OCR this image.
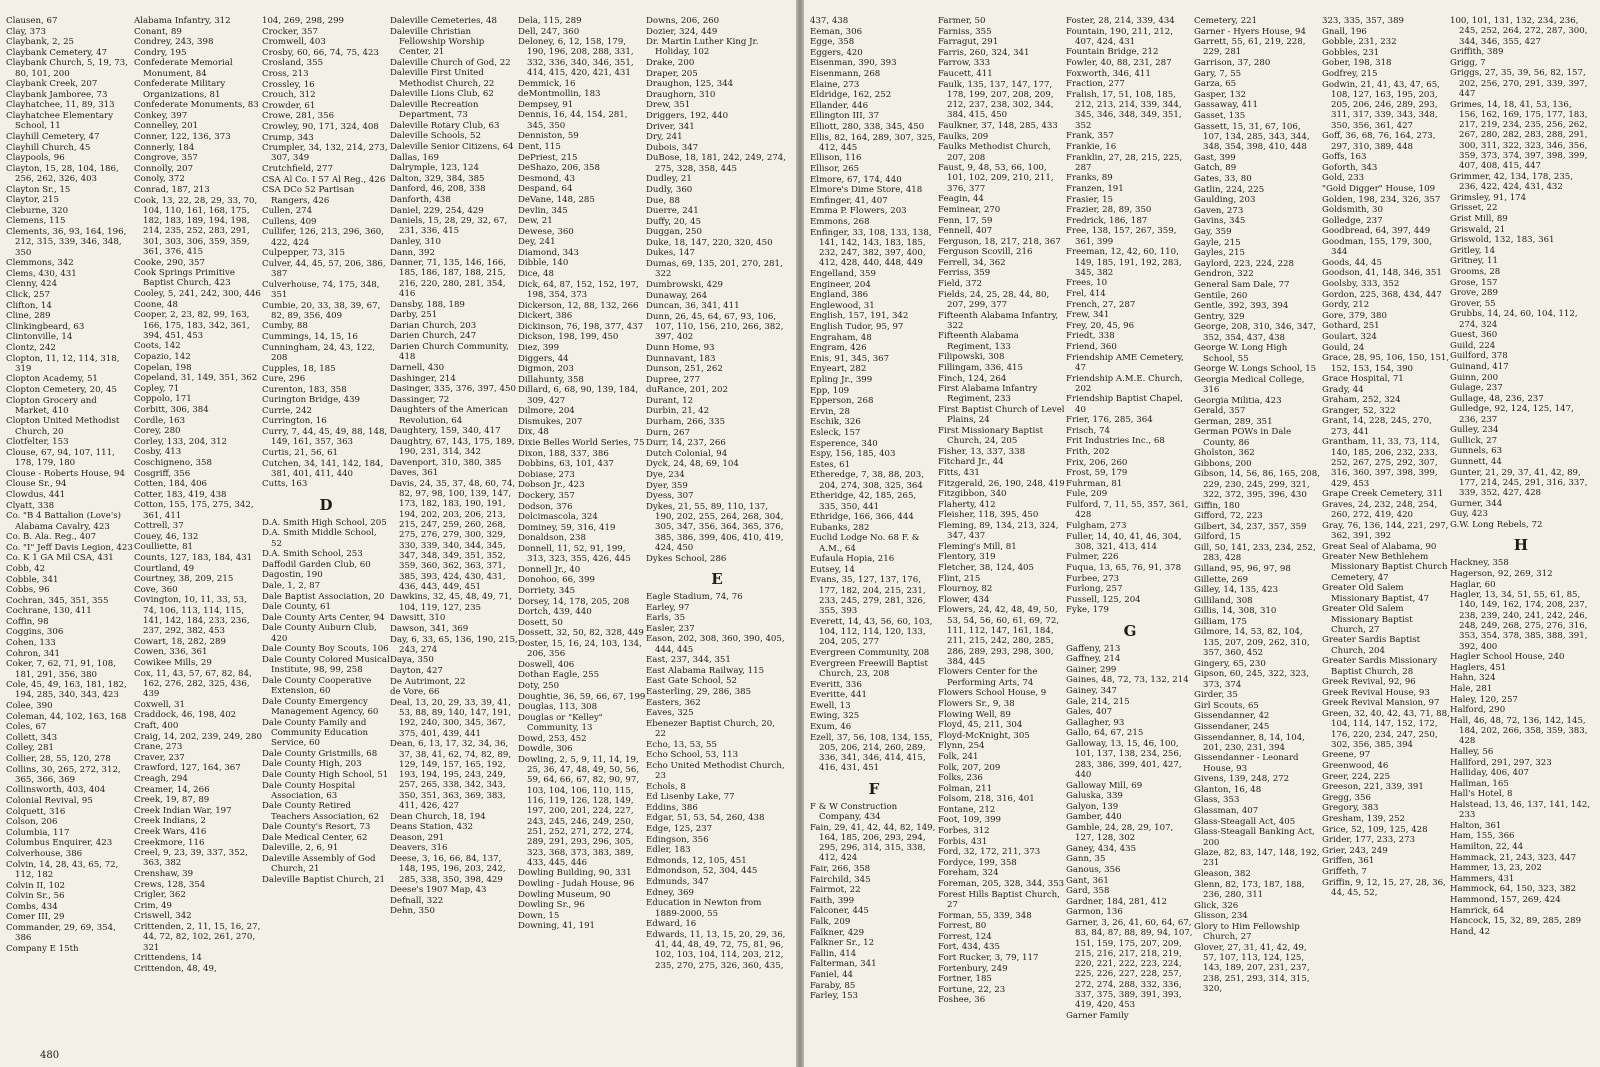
Clausen, 67
Clay, 373
Claybank, 2, 25
Claybank Cemetery, 47
Claybank Church, 5, 19, 73, 80, 101, 200
Claybank Creek, 207
Claybank Jamboree, 73
Clayhatchee, 11, 89, 313
Clayhatchee Elementary School, 11
Clayhill Cemetery, 47
Clayhill Church, 45
Claypools, 96
Clayton, 15, 28, 104, 186, 256, 262, 326, 403
Clayton Sr., 15
Claytor, 215
Cleburne, 320
Clemens, 115
Clements, 36, 93, 164, 196, 212, 315, 339, 346, 348, 350
Clemmons, 342
Clems, 430, 431
Clenny, 424
Click, 257
Clifton, 14
Cline, 289
Clinkingbeard, 63
Clintonville, 14
Clontz, 242
Clopton, 11, 12, 114, 318, 319
Clopton Academy, 51
Clopton Cemetery, 20, 45
Clopton Grocery and Market, 410
Clopton United Methodist Church, 20
Clotfelter, 153
Clouse, 67, 94, 107, 111, 178, 179, 180
Clouse - Roberts House, 94
Clouse Sr., 94
Clowdus, 441
Clyatt, 338
Co. "B 4 Battalion (Love's) Alabama Cavalry, 423
Co. B. Ala. Reg., 407
Co. "I" Jeff Davis Legion, 423
Co. K 1 GA Mil CSA, 431
Cobb, 42
Cobble, 341
Cobbs, 96
Cochran, 345, 351, 355
Cochrane, 130, 411
Coffin, 98
Coggins, 306
Cohen, 133
Cohron, 341
Coker, 7, 62, 71, 91, 108, 181, 291, 356, 380
Cole, 45, 49, 163, 181, 182, 194, 285, 340, 343, 423
Colee, 390
Coleman, 44, 102, 163, 168
Coles, 67
Collett, 343
Colley, 281
Collier, 28, 55, 120, 278
Collins, 30, 265, 272, 312, 365, 366, 369
Collinsworth, 403, 404
Colonial Revival, 95
Colquett, 316
Colson, 206
Columbia, 117
Columbus Enquirer, 423
Colverhouse, 386
Colvin, 14, 28, 43, 65, 72, 112, 182
Colvin II, 102
Colvin Sr., 56
Combs, 434
Comer III, 29
Commander, 29, 69, 354, 386
Company E 15th
Alabama Infantry, 312
Conant, 89
Condrey, 243, 398
Condry, 195
Confederate Memorial Monument, 84
Confederate Military Organizations, 81
Confederate Monuments, 83
Conkey, 397
Connelley, 201
Conner, 122, 136, 373
Connerly, 184
Congrove, 357
Connolly, 207
Conoly, 372
Conrad, 187, 213
Cook, 13, 22, 28, 29, 33, 70, 104, 110, 161, 168, 175, 182, 183, 189, 194, 198, 214, 235, 252, 283, 291, 301, 303, 306, 359, 359, 361, 376, 415
Cooke, 290, 357
Cook Springs Primitive Baptist Church, 423
Cooley, 5, 241, 242, 300, 446
Coone, 48
Cooper, 2, 23, 82, 99, 163, 166, 175, 183, 342, 361, 394, 451, 453
Coots, 142
Copazio, 142
Copelan, 198
Copeland, 31, 149, 351, 362
Copley, 71
Coppolo, 171
Corbitt, 306, 384
Cordle, 163
Corey, 280
Corley, 133, 204, 312
Cosby, 413
Coschigneno, 358
Cosgriff, 356
Cotten, 184, 406
Cotter, 183, 419, 438
Cotton, 155, 175, 275, 342, 361, 411
Cottrell, 37
Couey, 46, 132
Coulliette, 81
Counts, 127, 183, 184, 431
Courtland, 49
Courtney, 38, 209, 215
Cove, 360
Covington, 10, 11, 33, 53, 74, 106, 113, 114, 115, 141, 142, 184, 233, 236, 237, 292, 382, 453
Cowart, 18, 282, 289
Cowen, 336, 361
Cowikee Mills, 29
Cox, 11, 43, 57, 67, 82, 84, 162, 276, 282, 325, 436, 439
Coxwell, 31
Craddock, 46, 198, 402
Craft, 400
Craig, 14, 202, 239, 249, 280
Crane, 273
Craver, 237
Crawford, 127, 164, 367
Creagh, 294
Creamer, 14, 266
Creek, 19, 87, 89
Creek Indian War, 197
Creek Indians, 2
Creek Wars, 416
Creekmore, 116
Creel, 9, 23, 39, 337, 352, 363, 382
Crenshaw, 39
Crews, 128, 354
Crigler, 362
Crim, 49
Criswell, 342
Crittenden, 2, 11, 15, 16, 27, 44, 72, 82, 102, 261, 270, 321
Crittendens, 14
Crittendon, 48, 49,
104, 269, 298, 299
Crocker, 357
Cromwell, 403
Crosby, 60, 66, 74, 75, 423
Crosland, 355
Cross, 213
Crossley, 16
Crouch, 312
Crowder, 61
Crowe, 281, 356
Crowley, 90, 171, 324, 408
Crump, 343
Crumpler, 34, 132, 214, 273, 307, 349
Crutchfield, 277
CSA Al Co. I 57 Al Reg., 426
CSA DCo 52 Partisan Rangers, 426
Cullen, 274
Cullens, 409
Cullifer, 126, 213, 296, 360, 422, 424
Culpepper, 73, 315
Culver, 44, 45, 57, 206, 386, 387
Culverhouse, 74, 175, 348, 351
Cumbie, 20, 33, 38, 39, 67, 82, 89, 356, 409
Cumby, 88
Cummings, 14, 15, 16
Cunningham, 24, 43, 122, 208
Cupples, 18, 185
Cure, 296
Curenton, 183, 358
Curington Bridge, 439
Currie, 242
Currington, 16
Curry, 7, 44, 45, 49, 88, 148, 149, 161, 357, 363
Curtis, 21, 56, 61
Cutchen, 34, 141, 142, 184, 381, 401, 411, 440
Cutts, 163
D
D.A. Smith High School, 205
D.A. Smith Middle School, 52
D.A. Smith School, 253
Daffodil Garden Club, 60
Dagostin, 190
Dale, 1, 2, 87
Dale Baptist Association, 20
Dale County, 61
Dale County Arts Center, 94
Dale County Auburn Club, 420
Dale County Boy Scouts, 106
Dale County Colored Musical Institute, 98, 99, 258
Dale County Cooperative Extension, 60
Dale County Emergency Management Agency, 60
Dale County Family and Community Education Service, 60
Dale County Gristmills, 68
Dale County High, 203
Dale County High School, 51
Dale County Hospital Association, 63
Dale County Retired Teachers Association, 62
Dale County's Resort, 73
Dale Medical Center, 62
Daleville, 2, 6, 91
Daleville Assembly of God Church, 21
Daleville Baptist Church, 21
Daleville Cemeteries, 48
Daleville Christian Fellowship Worship Center, 21
Daleville Church of God, 22
Daleville First United Methodist Church, 22
Daleville Lions Club, 62
Daleville Recreation Department, 73
Daleville Rotary Club, 63
Daleville Schools, 52
Daleville Senior Citizens, 64
Dallas, 169
Dalrymple, 123, 124
Dalton, 329, 384, 385
Danford, 46, 208, 338
Danforth, 438
Daniel, 229, 254, 429
Daniels, 15, 28, 29, 32, 67, 231, 336, 415
Danley, 310
Dann, 392
Danner, 71, 135, 146, 166, 185, 186, 187, 188, 215, 216, 220, 280, 281, 354, 416
Dansby, 188, 189
Darby, 251
Darian Church, 203
Darien Church, 247
Darien Church Community, 418
Darnell, 430
Dashinger, 214
Dasinger, 335, 376, 397, 450
Dassinger, 72
Daughters of the American Revolution, 64
Daughtery, 159, 340, 417
Daughtry, 67, 143, 175, 189, 190, 231, 314, 342
Davenport, 310, 380, 385
Daves, 361
Davis, 24, 35, 37, 48, 60, 74, 82, 97, 98, 100, 139, 147, 173, 182, 183, 190, 191, 194, 202, 203, 206, 213, 215, 247, 259, 260, 268, 275, 276, 279, 300, 329, 330, 339, 340, 344, 345, 347, 348, 349, 351, 352, 359, 360, 362, 363, 371, 385, 393, 424, 430, 431, 436, 443, 449, 451
Dawkins, 32, 45, 48, 49, 71, 104, 119, 127, 235
Dawsitt, 310
Dawson, 341, 369
Day, 6, 33, 65, 136, 190, 215, 243, 274
Daya, 350
Dayton, 427
De Autrimont, 22
de Vore, 66
Deal, 13, 20, 29, 33, 39, 41, 53, 88, 89, 140, 147, 191, 192, 240, 300, 345, 367, 375, 401, 439, 441
Dean, 6, 13, 17, 32, 34, 36, 37, 38, 41, 62, 74, 82, 89, 129, 149, 157, 165, 192, 193, 194, 195, 243, 249, 257, 265, 338, 342, 343, 350, 351, 363, 369, 383, 411, 426, 427
Dean Church, 18, 194
Deans Station, 432
Deason, 291
Deavers, 316
Deese, 3, 16, 66, 84, 137, 148, 195, 196, 203, 242, 285, 338, 350, 398, 429
Deese's 1907 Map, 43
Defnall, 322
Dehn, 350
Dela, 115, 289
Dell, 247, 360
Deloney, 6, 12, 158, 179, 190, 196, 208, 288, 331, 332, 336, 340, 346, 351, 414, 415, 420, 421, 431
Demmick, 16
deMontmollin, 183
Dempsey, 91
Dennis, 16, 44, 154, 281, 345, 350
Denniston, 59
Dent, 115
DePriest, 215
DeShazo, 206, 358
Desmond, 43
Despand, 64
DeVane, 148, 285
Devlin, 345
Dew, 21
Dewese, 360
Dey, 241
Diamond, 343
Dibble, 140
Dice, 48
Dick, 64, 87, 152, 152, 197, 198, 354, 373
Dickerson, 12, 88, 132, 266
Dickert, 386
Dickinson, 76, 198, 377, 437
Dickson, 198, 199, 450
Diez, 399
Diggers, 44
Digmon, 203
Dillahunty, 358
Dillard, 6, 68, 90, 139, 184, 309, 427
Dilmore, 204
Dismukes, 207
Dix, 48
Dixie Belles World Series, 75
Dixon, 188, 337, 386
Dobbins, 63, 101, 437
Dobiase, 273
Dobson Jr., 423
Dockery, 357
Dodson, 376
Dolcimascola, 324
Dominey, 59, 316, 419
Donaldson, 238
Donnell, 11, 52, 91, 199, 313, 323, 355, 426, 445
Donnell Jr., 40
Donohoo, 66, 399
Dorriety, 345
Dorsey, 14, 178, 205, 208
Dortch, 439, 440
Dosett, 50
Dossett, 32, 50, 82, 328, 449
Doster, 15, 16, 24, 103, 134, 206, 356
Doswell, 406
Dothan Eagle, 255
Doty, 250
Doughtie, 36, 59, 66, 67, 199
Douglas, 113, 308
Douglas or "Kelley" Community, 13
Dowd, 253, 452
Dowdle, 306
Dowling, 2, 5, 9, 11, 14, 19, 25, 36, 47, 48, 49, 50, 56, 59, 64, 66, 67, 82, 90, 97, 103, 104, 106, 110, 115, 116, 119, 126, 128, 149, 197, 200, 201, 224, 227, 243, 245, 246, 249, 250, 251, 252, 271, 272, 274, 289, 291, 293, 296, 305, 323, 368, 373, 383, 389, 433, 445, 446
Dowling Building, 90, 331
Dowling - Judah House, 96
Dowling Museum, 90
Dowling Sr., 96
Down, 15
Downing, 41, 191
Downs, 206, 260
Dozier, 324, 449
Dr. Martin Luther King Jr. Holiday, 102
Drake, 200
Draper, 205
Draughon, 125, 344
Draughorn, 310
Drew, 351
Driggers, 192, 440
Driver, 341
Dry, 241
Dubois, 347
DuBose, 18, 181, 242, 249, 274, 275, 328, 358, 445
Dudley, 21
Dudly, 360
Due, 88
Duerre, 241
Duffy, 20, 45
Duggan, 250
Duke, 18, 147, 220, 320, 450
Dukes, 147
Dumas, 69, 135, 201, 270, 281, 322
Dumbrowski, 429
Dunaway, 264
Duncan, 36, 341, 411
Dunn, 26, 45, 64, 67, 93, 106, 107, 110, 156, 210, 266, 382, 397, 402
Dunn Home, 93
Dunnavant, 183
Dunson, 251, 262
Dupree, 277
duRance, 201, 202
Durant, 12
Durbin, 21, 42
Durham, 266, 335
Durn, 267
Durr, 14, 237, 266
Dutch Colonial, 94
Dyck, 24, 48, 69, 104
Dye, 234
Dyer, 359
Dyess, 307
Dykes, 21, 55, 89, 110, 137, 190, 202, 255, 264, 268, 304, 305, 347, 356, 364, 365, 376, 385, 386, 399, 406, 410, 419, 424, 450
Dykes School, 286
E
Eagle Stadium, 74, 76
Earley, 97
Earls, 35
Easler, 237
Eason, 202, 308, 360, 390, 405, 444, 445
East, 237, 344, 351
East Alabama Railway, 115
East Gate School, 52
Easterling, 29, 286, 385
Easters, 362
Eaves, 325
Ebenezer Baptist Church, 20, 22
Echo, 13, 53, 55
Echo School, 53, 113
Echo United Methodist Church, 23
Echols, 8
Ed Lisenby Lake, 77
Eddins, 386
Edgar, 51, 53, 54, 260, 438
Edge, 125, 237
Edingson, 356
Edler, 183
Edmonds, 12, 105, 451
Edmondson, 52, 304, 445
Edmunds, 347
Edney, 369
Education in Newton from 1889-2000, 55
Edward, 16
Edwards, 11, 13, 15, 20, 29, 36, 41, 44, 48, 49, 72, 75, 81, 96, 102, 103, 104, 114, 203, 212, 235, 270, 275, 326, 360, 435,
480
437, 438
Eeman, 306
Egge, 358
Eggers, 420
Eisenman, 390, 393
Eisenmann, 268
Elaine, 273
Eldridge, 162, 252
Ellander, 446
Ellington III, 37
Elliott, 280, 338, 345, 450
Ellis, 82, 164, 289, 307, 325, 412, 445
Ellison, 116
Ellisor, 265
Elmore, 67, 174, 440
Elmore's Dime Store, 418
Emfinger, 41, 407
Emma P. Flowers, 203
Emmons, 268
Enfinger, 33, 108, 133, 138, 141, 142, 143, 183, 185, 232, 247, 382, 397, 400, 412, 428, 440, 448, 449
Engelland, 359
Engineer, 204
England, 386
Englewood, 31
English, 157, 191, 342
English Tudor, 95, 97
Engraham, 48
Engram, 426
Enis, 91, 345, 367
Enyeart, 282
Epling Jr., 399
Epp, 109
Epperson, 268
Ervin, 28
Eschik, 326
Esleck, 157
Esperence, 340
Espy, 156, 185, 403
Estes, 61
Etheredge, 7, 38, 88, 203, 204, 274, 308, 325, 364
Etheridge, 42, 185, 265, 335, 350, 441
Ethridge, 166, 366, 444
Eubanks, 282
Euclid Lodge No. 68 F. & A.M., 64
Eufaula Hopia, 216
Eutsey, 14
Evans, 35, 127, 137, 176, 177, 182, 204, 215, 231, 233, 245, 279, 281, 326, 355, 393
Everett, 14, 43, 56, 60, 103, 104, 112, 114, 120, 133, 204, 205, 277
Evergreen Community, 208
Evergreen Freewill Baptist Church, 23, 208
Everitt, 336
Everitte, 441
Ewell, 13
Ewing, 325
Exum, 46
Ezell, 37, 56, 108, 134, 155, 205, 206, 214, 260, 289, 336, 341, 346, 414, 415, 416, 431, 451
F
F & W Construction Company, 434
Fain, 29, 41, 42, 44, 82, 149, 164, 185, 206, 293, 294, 295, 296, 314, 315, 338, 412, 424
Fair, 266, 358
Fairchild, 345
Fairmot, 22
Faith, 399
Falconer, 445
Falk, 209
Falkner, 429
Falkner Sr., 12
Fallin, 414
Falterman, 341
Faniel, 44
Faraby, 85
Farley, 153
Farmer, 50
Farniss, 355
Farragut, 291
Farris, 260, 324, 341
Farrow, 333
Faucett, 411
Faulk, 135, 137, 147, 177, 178, 199, 207, 208, 209, 212, 237, 238, 302, 344, 384, 415, 450
Faulkner, 37, 148, 285, 433
Faulks, 209
Faulks Methodist Church, 207, 208
Faust, 9, 48, 53, 66, 100, 101, 102, 209, 210, 211, 376, 377
Feagin, 44
Feminear, 270
Fenn, 17, 59
Fennell, 407
Ferguson, 18, 217, 218, 367
Ferguson Scovill, 216
Ferrell, 34, 362
Ferriss, 359
Field, 372
Fields, 24, 25, 28, 44, 80, 207, 299, 377
Fifteenth Alabama Infantry, 322
Fifteenth Alabama Regiment, 133
Filipowski, 308
Fillingam, 336, 415
Finch, 124, 264
First Alabama Infantry Regiment, 233
First Baptist Church of Level Plains, 24
First Missionary Baptist Church, 24, 205
Fisher, 13, 337, 338
Fitchard Jr., 44
Fitts, 431
Fitzgerald, 26, 190, 248, 419
Fitzgibbon, 340
Flaherty, 412
Fleisher, 118, 395, 450
Fleming, 89, 134, 213, 324, 347, 437
Fleming's Mill, 81
Flentory, 319
Fletcher, 38, 124, 405
Flint, 215
Flournoy, 82
Flower, 434
Flowers, 24, 42, 48, 49, 50, 53, 54, 56, 60, 61, 69, 72, 111, 112, 147, 161, 184, 211, 215, 242, 280, 285, 286, 289, 293, 298, 300, 384, 445
Flowers Center for the Performing Arts, 74
Flowers School House, 9
Flowers Sr., 9, 38
Flowing Well, 89
Floyd, 45, 211, 304
Floyd-McKnight, 305
Flynn, 254
Folk, 241
Folk, 207, 209
Folks, 236
Folman, 211
Folsom, 218, 316, 401
Fontane, 212
Foot, 109, 399
Forbes, 312
Forbis, 431
Ford, 32, 172, 211, 373
Fordyce, 199, 358
Foreham, 324
Foreman, 205, 328, 344, 353
Forest Hills Baptist Church, 27
Forman, 55, 339, 348
Forrest, 80
Forrest, 124
Fort, 434, 435
Fort Rucker, 3, 79, 117
Fortenbury, 249
Fortner, 185
Fortune, 22, 23
Foshee, 36
Foster, 28, 214, 339, 434
Fountain, 190, 211, 212, 407, 424, 431
Fountain Bridge, 212
Fowler, 40, 88, 231, 287
Foxworth, 346, 411
Fraction, 277
Fralish, 17, 51, 108, 185, 212, 213, 214, 339, 344, 345, 346, 348, 349, 351, 352
Frank, 357
Frankie, 16
Franklin, 27, 28, 215, 225, 287
Franks, 89
Franzen, 191
Frasier, 15
Frazier, 28, 89, 350
Fredrick, 186, 187
Free, 138, 157, 267, 359, 361, 399
Freeman, 12, 42, 60, 110, 149, 185, 191, 192, 283, 345, 382
Frees, 10
Frel, 414
French, 27, 287
Frew, 341
Frey, 20, 45, 96
Friedt, 338
Friend, 360
Friendship AME Cemetery, 47
Friendship A.M.E. Church, 202
Friendship Baptist Chapel, 40
Frier, 176, 285, 364
Frisch, 74
Frit Industries Inc., 68
Frith, 202
Frix, 206, 260
Frost, 59, 179
Fuhrman, 81
Fule, 209
Fulford, 7, 11, 55, 357, 361, 428
Fulgham, 273
Fuller, 14, 40, 41, 46, 304, 308, 321, 413, 414
Fulmer, 226
Fuqua, 13, 65, 76, 91, 378
Furbee, 273
Furlong, 257
Fussell, 125, 204
Fyke, 179
G
Gaffeny, 213
Gaffney, 214
Gainer, 299
Gaines, 48, 72, 73, 132, 214
Gainey, 347
Gale, 214, 215
Gales, 407
Gallagher, 93
Gallo, 64, 67, 215
Galloway, 13, 15, 46, 100, 101, 137, 138, 234, 256, 283, 386, 399, 401, 427, 440
Galloway Mill, 69
Galuska, 339
Galyon, 139
Gamber, 440
Gamble, 24, 28, 29, 107, 127, 128, 302
Ganey, 434, 435
Gann, 35
Ganous, 356
Gant, 361
Gard, 358
Gardner, 184, 281, 412
Garmon, 136
Garner, 3, 26, 41, 60, 64, 67, 83, 84, 87, 88, 89, 94, 107, 151, 159, 175, 207, 209, 215, 216, 217, 218, 219, 220, 221, 222, 223, 224, 225, 226, 227, 228, 257, 272, 274, 288, 332, 336, 337, 375, 389, 391, 393, 419, 420, 453
Garner Family
Cemetery, 221
Garner - Hyers House, 94
Garrett, 55, 61, 219, 228, 229, 281
Garrison, 37, 280
Gary, 7, 55
Garza, 65
Gasper, 132
Gassaway, 411
Gasset, 135
Gassett, 15, 31, 67, 106, 107, 134, 285, 343, 344, 348, 354, 398, 410, 448
Gast, 399
Gatch, 89
Gates, 33, 80
Gatlin, 224, 225
Gaulding, 203
Gaven, 273
Gavins, 345
Gay, 359
Gayle, 215
Gayles, 215
Gaylord, 223, 224, 228
Gendron, 322
General Sam Dale, 77
Gentile, 260
Gentle, 392, 393, 394
Gentry, 329
George, 208, 310, 346, 347, 352, 354, 437, 438
George W. Long High School, 55
George W. Longs School, 15
Georgia Medical College, 316
Georgia Militia, 423
Gerald, 357
German, 289, 351
German POWs in Dale County, 86
Gholston, 362
Gibbons, 200
Gibson, 14, 56, 86, 165, 208, 229, 230, 245, 299, 321, 322, 372, 395, 396, 430
Giffin, 180
Gifford, 72, 223
Gilbert, 34, 237, 357, 359
Gilford, 15
Gill, 50, 141, 233, 234, 252, 283, 428
Gilland, 95, 96, 97, 98
Gillette, 269
Gilley, 14, 135, 423
Gilliland, 308
Gillis, 14, 308, 310
Gilliam, 175
Gilmore, 14, 53, 82, 104, 135, 207, 209, 262, 310, 357, 360, 452
Gingery, 65, 230
Gipson, 60, 245, 322, 323, 373, 374
Girder, 35
Girl Scouts, 65
Gissendanner, 42
Gissendaner, 245
Gissendanner, 8, 14, 104, 201, 230, 231, 394
Gissendanner - Leonard House, 93
Givens, 139, 248, 272
Glanton, 16, 48
Glass, 353
Glassman, 407
Glass-Steagall Act, 405
Glass-Steagall Banking Act, 200
Glaze, 82, 83, 147, 148, 192, 231
Gleason, 382
Glenn, 82, 173, 187, 188, 236, 280, 311
Glick, 326
Glisson, 234
Glory to Him Fellowship Church, 27
Glover, 27, 31, 41, 42, 49, 57, 107, 113, 124, 125, 143, 189, 207, 231, 237, 238, 251, 293, 314, 315, 320,
323, 335, 357, 389
Gnall, 196
Gobble, 231, 232
Gobbles, 231
Gober, 198, 318
Godfrey, 215
Godwin, 21, 41, 43, 47, 65, 108, 127, 163, 195, 203, 205, 206, 246, 289, 293, 311, 317, 339, 343, 348, 350, 356, 361, 427
Goff, 36, 68, 76, 164, 273, 297, 310, 389, 448
Goffs, 163
Goforth, 343
Gold, 233
"Gold Digger" House, 109
Golden, 198, 234, 326, 357
Goldsmith, 30
Golledge, 237
Goodbread, 64, 397, 449
Goodman, 155, 179, 300, 344
Goods, 44, 45
Goodson, 41, 148, 346, 351
Goolsby, 333, 352
Gordon, 225, 368, 434, 447
Gordy, 212
Gore, 379, 380
Gothard, 251
Goulart, 324
Gould, 24
Grace, 28, 95, 106, 150, 151, 152, 153, 154, 390
Grace Hospital, 71
Grady, 44
Graham, 252, 324
Granger, 52, 322
Grant, 14, 228, 245, 270, 273, 441
Grantham, 11, 33, 73, 114, 140, 185, 206, 232, 233, 252, 267, 275, 292, 307, 316, 360, 397, 398, 399, 429, 453
Grape Creek Cemetery, 311
Graves, 24, 232, 248, 254, 260, 272, 419, 420
Gray, 76, 136, 144, 221, 297, 362, 391, 392
Great Seal of Alabama, 90
Greater New Bethlehem Missionary Baptist Church Cemetery, 47
Greater Old Salem Missionary Baptist, 47
Greater Old Salem Missionary Baptist Church, 27
Greater Sardis Baptist Church, 204
Greater Sardis Missionary Baptist Church, 28
Greek Revival, 92, 96
Greek Revival House, 93
Greek Revival Mansion, 97
Green, 32, 40, 42, 43, 71, 88, 104, 114, 147, 152, 172, 176, 220, 234, 247, 250, 302, 356, 385, 394
Greene, 97
Greenwood, 46
Greer, 224, 225
Greeson, 221, 339, 391
Gregg, 356
Gregory, 383
Gresham, 139, 252
Grice, 52, 109, 125, 428
Grider, 177, 233, 273
Grier, 243, 249
Griffen, 361
Griffeth, 7
Griffin, 9, 12, 15, 27, 28, 36, 44, 45, 52,
100, 101, 131, 132, 234, 236, 245, 252, 264, 272, 287, 300, 344, 346, 355, 427
Griffith, 389
Grigg, 7
Griggs, 27, 35, 39, 56, 82, 157, 202, 256, 270, 291, 339, 397, 447
Grimes, 14, 18, 41, 53, 136, 156, 162, 169, 175, 177, 183, 217, 219, 234, 235, 256, 262, 267, 280, 282, 283, 288, 291, 300, 311, 322, 323, 346, 356, 359, 373, 374, 397, 398, 399, 407, 408, 415, 447
Grimmer, 42, 134, 178, 235, 236, 422, 424, 431, 432
Grimsley, 91, 174
Grisset, 22
Grist Mill, 89
Griswald, 21
Griswold, 132, 183, 361
Gritley, 14
Gritney, 11
Grooms, 28
Grose, 157
Grove, 289
Grover, 55
Grubbs, 14, 24, 60, 104, 112, 274, 324
Guest, 360
Guild, 224
Guilford, 378
Guinand, 417
Guinn, 200
Gulage, 237
Gullage, 48, 236, 237
Gulledge, 92, 124, 125, 147, 236, 237
Gulley, 234
Gullick, 27
Gunnels, 63
Gunnett, 44
Gunter, 21, 29, 37, 41, 42, 89, 177, 214, 245, 291, 316, 337, 339, 352, 427, 428
Gurner, 344
Guy, 423
G.W. Long Rebels, 72
H
Hackney, 358
Hagerson, 92, 269, 312
Haglar, 60
Hagler, 13, 34, 51, 55, 61, 85, 140, 149, 162, 174, 208, 237, 238, 239, 240, 241, 242, 246, 248, 249, 268, 275, 276, 316, 353, 354, 378, 385, 388, 391, 392, 400
Hagler School House, 240
Haglers, 451
Hahn, 324
Hale, 281
Haley, 120, 257
Halford, 290
Hall, 46, 48, 72, 136, 142, 145, 184, 202, 266, 358, 359, 383, 428
Halley, 56
Hallford, 291, 297, 323
Halliday, 406, 407
Hallman, 165
Hall's Hotel, 8
Halstead, 13, 46, 137, 141, 142, 233
Halton, 361
Ham, 155, 366
Hamilton, 22, 44
Hammack, 21, 243, 323, 447
Hammer, 13, 23, 202
Hammers, 431
Hammock, 64, 150, 323, 382
Hammond, 157, 269, 424
Hamrick, 64
Hancock, 15, 32, 89, 285, 289
Hand, 42
